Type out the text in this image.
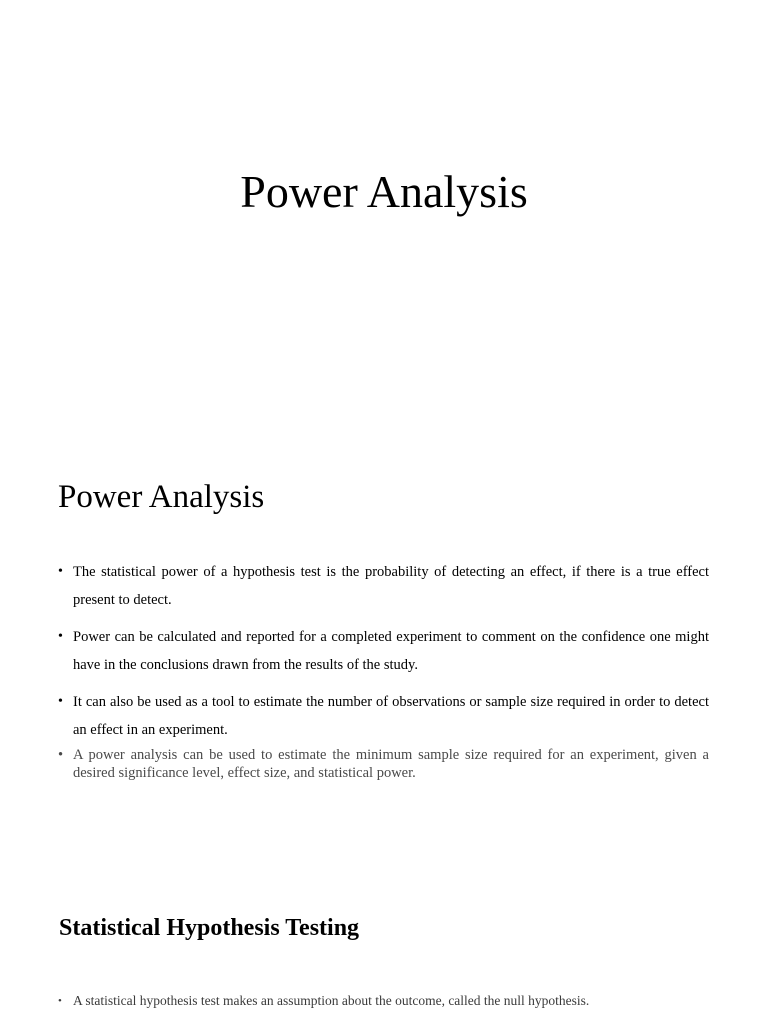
Power Analysis
Power Analysis
• The statistical power of a hypothesis test is the probability of detecting an effect, if there is a true effect present to detect.
• Power can be calculated and reported for a completed experiment to comment on the confidence one might have in the conclusions drawn from the results of the study.
• It can also be used as a tool to estimate the number of observations or sample size required in order to detect an effect in an experiment.
• A power analysis can be used to estimate the minimum sample size required for an experiment, given a desired significance level, effect size, and statistical power.
Statistical Hypothesis Testing
• A statistical hypothesis test makes an assumption about the outcome, called the null hypothesis.
